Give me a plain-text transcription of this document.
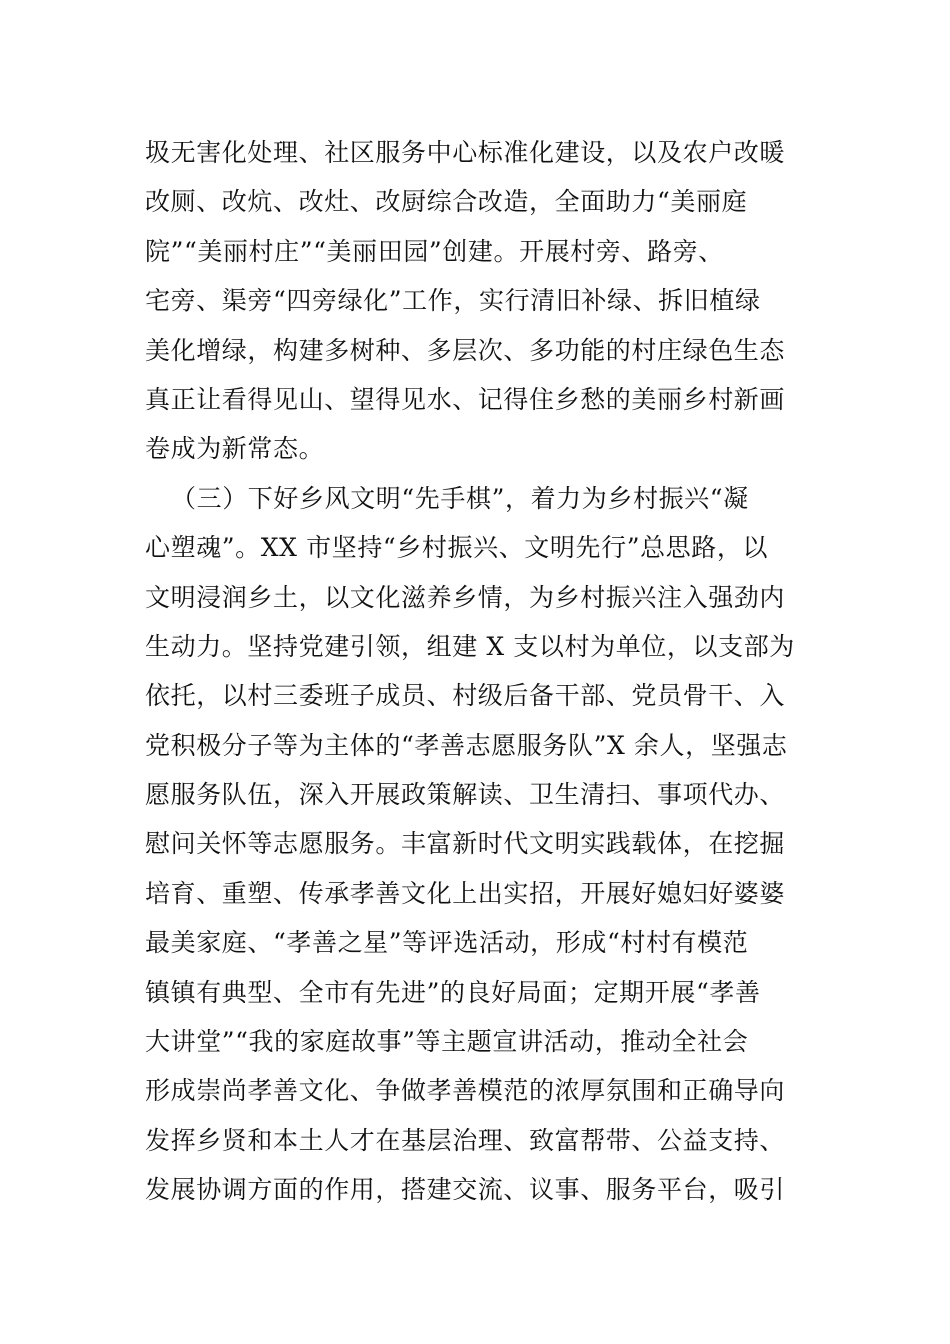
圾无害化处理、社区服务中心标准化建设，以及农户改暖
改厕、改炕、改灶、改厨综合改造，全面助力“美丽庭
院”“美丽村庄”“美丽田园”创建。开展村旁、路旁、
宅旁、渠旁“四旁绿化”工作，实行清旧补绿、拆旧植绿
美化增绿，构建多树种、多层次、多功能的村庄绿色生态
真正让看得见山、望得见水、记得住乡愁的美丽乡村新画
卷成为新常态。
（三）下好乡风文明“先手棋”，着力为乡村振兴“凝
心塑魂”。XX 市坚持“乡村振兴、文明先行”总思路，以
文明浸润乡土，以文化滋养乡情，为乡村振兴注入强劲内
生动力。坚持党建引领，组建 X 支以村为单位，以支部为
依托，以村三委班子成员、村级后备干部、党员骨干、入
党积极分子等为主体的“孝善志愿服务队”X 余人，坚强志
愿服务队伍，深入开展政策解读、卫生清扫、事项代办、
慰问关怀等志愿服务。丰富新时代文明实践载体，在挖掘
培育、重塑、传承孝善文化上出实招，开展好媳妇好婆婆
最美家庭、“孝善之星”等评选活动，形成“村村有模范
镇镇有典型、全市有先进”的良好局面；定期开展“孝善
大讲堂”“我的家庭故事”等主题宣讲活动，推动全社会
形成崇尚孝善文化、争做孝善模范的浓厚氛围和正确导向
发挥乡贤和本土人才在基层治理、致富帮带、公益支持、
发展协调方面的作用，搭建交流、议事、服务平台，吸引
